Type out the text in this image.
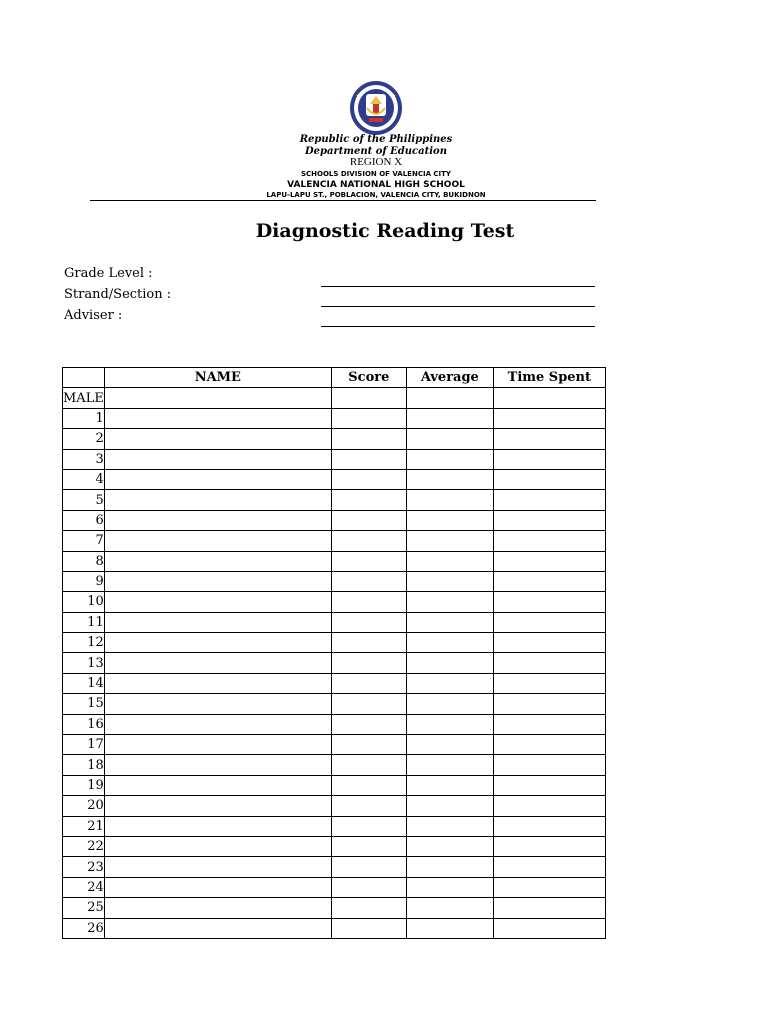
Republic of the Philippines
Department of Education
REGION X
SCHOOLS DIVISION OF VALENCIA CITY
VALENCIA NATIONAL HIGH SCHOOL
LAPU-LAPU ST., POBLACION, VALENCIA CITY, BUKIDNON
Diagnostic Reading Test
Grade Level :
Strand/Section :
Adviser :
	NAME	Score	Average	Time Spent
MALE				
1				
2				
3				
4				
5				
6				
7				
8				
9				
10				
11				
12				
13				
14				
15				
16				
17				
18				
19				
20				
21				
22				
23				
24				
25				
26				
